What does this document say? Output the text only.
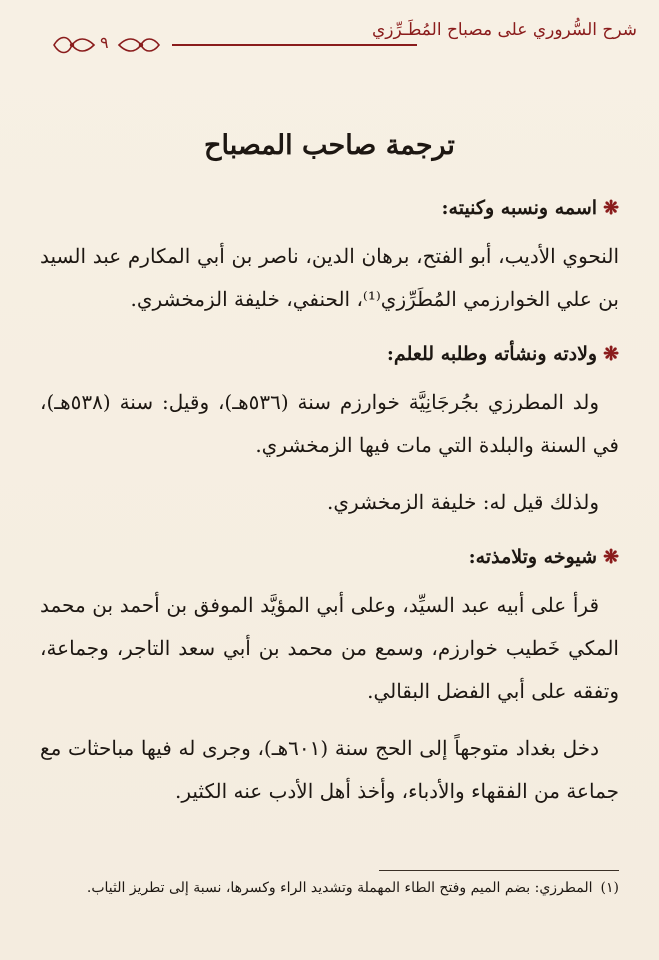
شرح السُّروري على مصباح المُطَـرِّزي
٩
ترجمة صاحب المصباح
❋اسمه ونسبه وكنيته:

النحوي الأديب، أبو الفتح، برهان الدين، ناصر بن أبي المكارم عبد السيد بن علي الخوارزمي المُطَرِّزي⁽¹⁾، الحنفي، خليفة الزمخشري.

❋ولادته ونشأته وطلبه للعلم:

ولد المطرزي بجُرجَانِيَّة خوارزم سنة (٥٣٦هـ)، وقيل: سنة (٥٣٨هـ)، في السنة والبلدة التي مات فيها الزمخشري.

ولذلك قيل له: خليفة الزمخشري.

❋شيوخه وتلامذته:

قرأ على أبيه عبد السيِّد، وعلى أبي المؤيَّد الموفق بن أحمد بن محمد المكي خَطيب خوارزم، وسمع من محمد بن أبي سعد التاجر، وجماعة، وتفقه على أبي الفضل البقالي.

دخل بغداد متوجهاً إلى الحج سنة (٦٠١هـ)، وجرى له فيها مباحثات مع جماعة من الفقهاء والأدباء، وأخذ أهل الأدب عنه الكثير.

(١)المطرزي: بضم الميم وفتح الطاء المهملة وتشديد الراء وكسرها، نسبة إلى تطريز الثياب.
